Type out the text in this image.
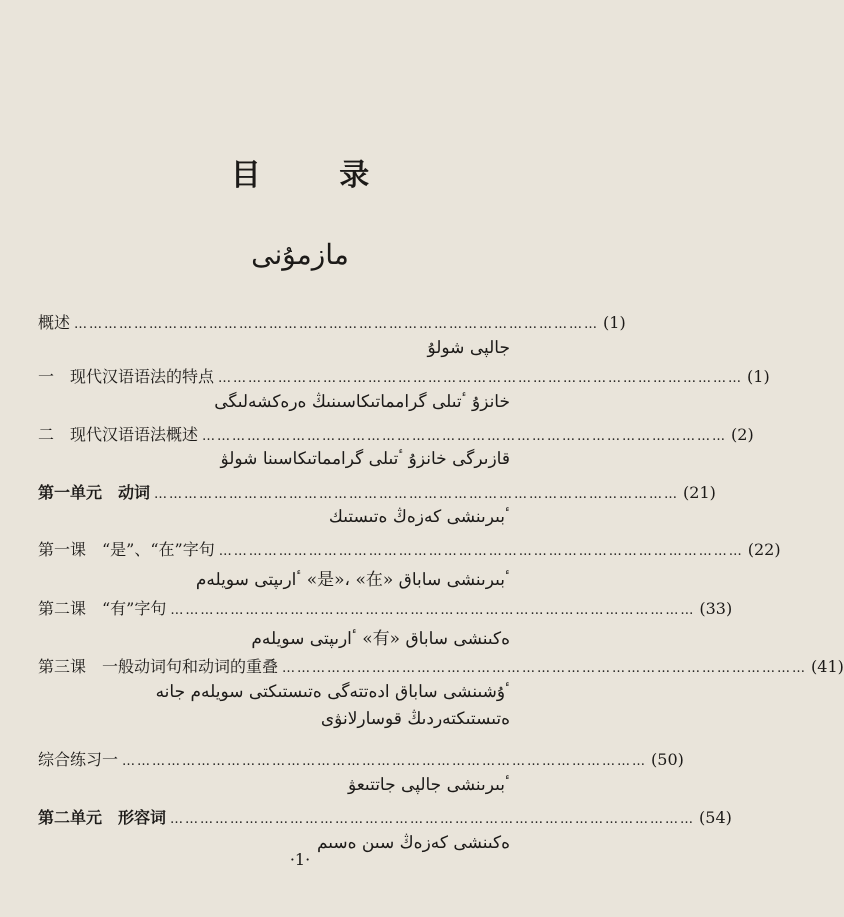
目 录
مازمۇنى
概述 …………………………………………………………………………………………… (1)
جالپى شولۇ
一　现代汉语语法的特点 …………………………………………………………………………………………… (1)
خانزۇ ٴتىلى گرامماتىكاسىنىڭ ەرەكشەلىگى
二　现代汉语语法概述 …………………………………………………………………………………………… (2)
قازىرگى خانزۇ ٴتىلى گرامماتىكاسىنا شولۋ
第一单元　动词 …………………………………………………………………………………………… (21)
ٴبىرىنشى كەزەڭ ەتىستىك
第一课　“是”、“在”字句 …………………………………………………………………………………………… (22)
ٴبىرىنشى ساباق «是»، «在» ٴارىپتى سويلەم
第二课　“有”字句 …………………………………………………………………………………………… (33)
ەكىنشى ساباق «有» ٴارىپتى سويلەم
第三课　一般动词句和动词的重叠 …………………………………………………………………………………………… (41)
ٴۇشىنشى ساباق ادەتتەگى ەتىستىكتى سويلەم جانە
ەتىستىكتەردىڭ قوسارلانۋى
综合练习一 …………………………………………………………………………………………… (50)
ٴبىرىنشى جالپى جاتتىعۋ
第二单元　形容词 …………………………………………………………………………………………… (54)
ەكىنشى كەزەڭ سىن ەسىم
·1·
